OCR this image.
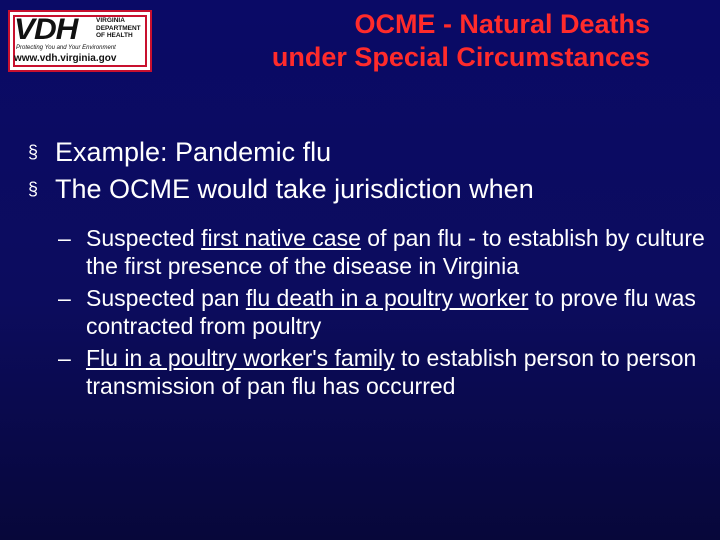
VDH	VIRGINIA
DEPARTMENT
OF HEALTH
Protecting You and Your Environment
www.vdh.virginia.gov
OCME - Natural Deaths
under Special Circumstances
§ Example: Pandemic flu
§ The OCME would take jurisdiction when
– Suspected first native case of pan flu - to establish by culture the first presence of the disease in Virginia
– Suspected pan flu death in a poultry worker to prove flu was contracted from poultry
– Flu in a poultry worker's family to establish person to person transmission of pan flu has occurred
